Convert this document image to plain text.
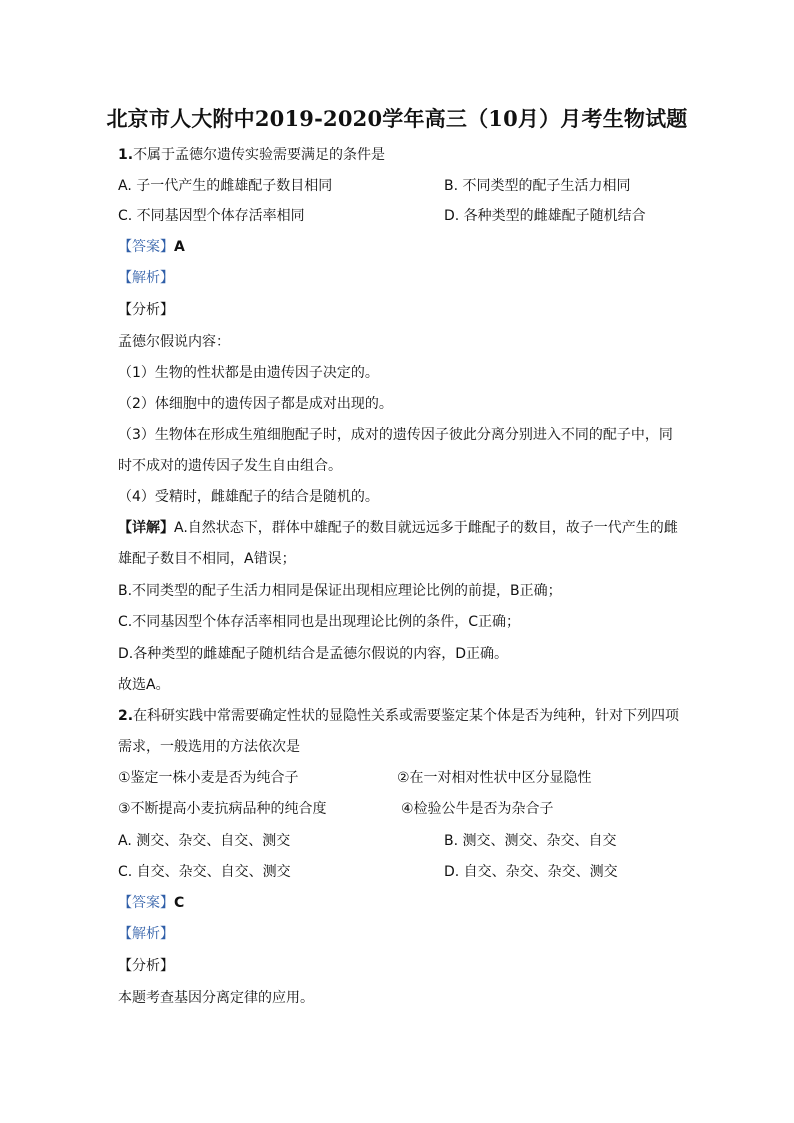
北京市人大附中2019-2020学年高三（10月）月考生物试题
1.不属于孟德尔遗传实验需要满足的条件是
A. 子一代产生的雌雄配子数目相同	B. 不同类型的配子生活力相同
C. 不同基因型个体存活率相同	D. 各种类型的雌雄配子随机结合
【答案】A
【解析】
【分析】
孟德尔假说内容：
（1）生物的性状都是由遗传因子决定的。
（2）体细胞中的遗传因子都是成对出现的。
（3）生物体在形成生殖细胞配子时，成对的遗传因子彼此分离分别进入不同的配子中，同
时不成对的遗传因子发生自由组合。
（4）受精时，雌雄配子的结合是随机的。
【详解】A.自然状态下，群体中雄配子的数目就远远多于雌配子的数目，故子一代产生的雌
雄配子数目不相同，A错误；
B.不同类型的配子生活力相同是保证出现相应理论比例的前提，B正确；
C.不同基因型个体存活率相同也是出现理论比例的条件，C正确；
D.各种类型的雌雄配子随机结合是孟德尔假说的内容，D正确。
故选A。
2.在科研实践中常需要确定性状的显隐性关系或需要鉴定某个体是否为纯种，针对下列四项
需求，一般选用的方法依次是
①鉴定一株小麦是否为纯合子	②在一对相对性状中区分显隐性
③不断提高小麦抗病品种的纯合度	④检验公牛是否为杂合子
A. 测交、杂交、自交、测交	B. 测交、测交、杂交、自交
C. 自交、杂交、自交、测交	D. 自交、杂交、杂交、测交
【答案】C
【解析】
【分析】
本题考查基因分离定律的应用。
